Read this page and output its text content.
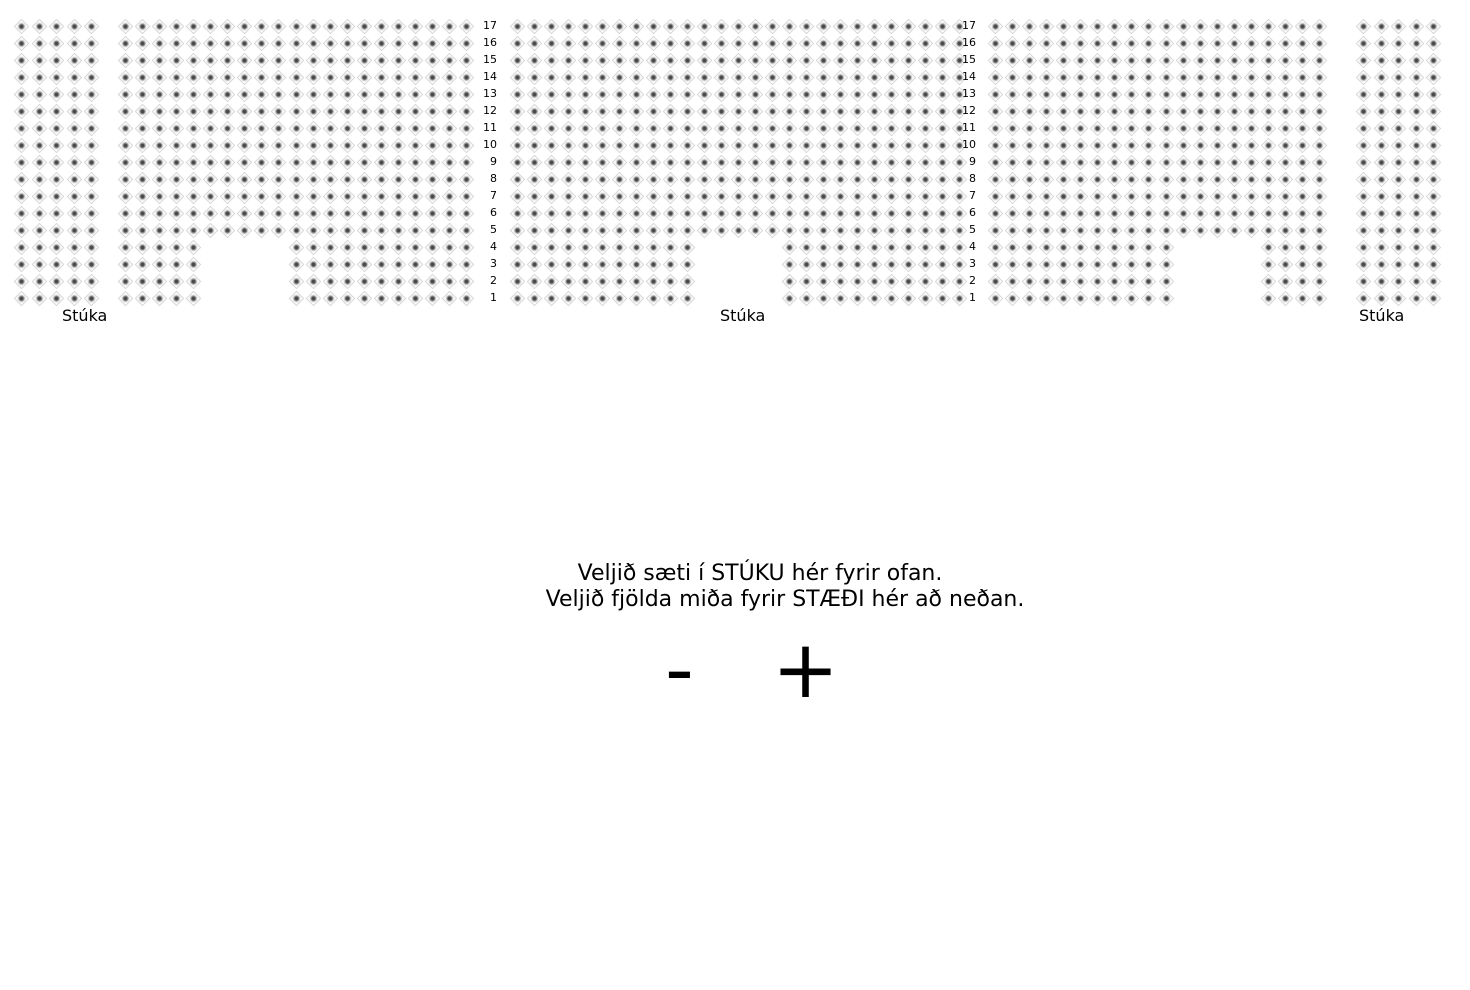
17
16
15
14
13
12
11
10
9
8
7
6
5
4
3
2
1
17
16
15
14
13
12
11
10
9
8
7
6
5
4
3
2
1
Stúka	Stúka	Stúka
Veljið sæti í STÚKU hér fyrir ofan.
Veljið fjölda miða fyrir STÆÐI hér að neðan.
- +
